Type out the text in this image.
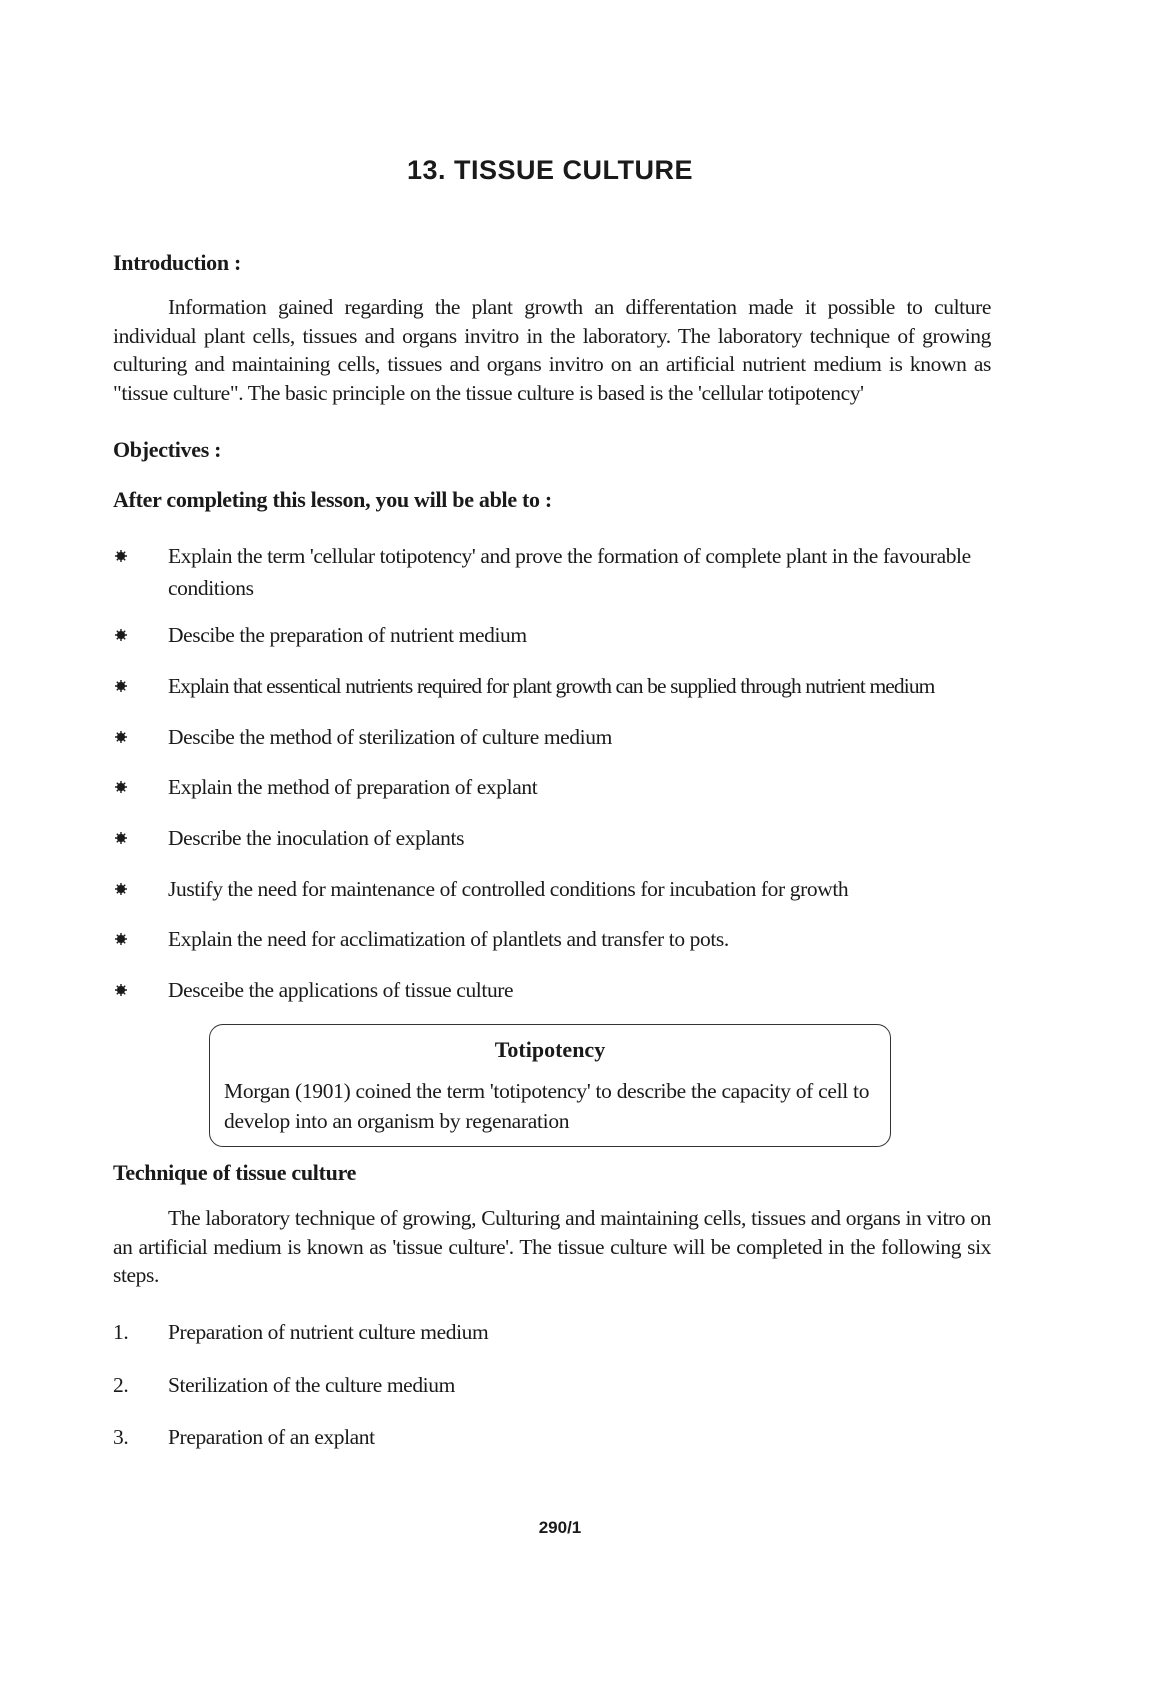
13. TISSUE CULTURE
Introduction :
Information gained regarding the plant growth an differentation made it possible to culture individual plant cells, tissues and organs invitro in the laboratory. The laboratory technique of growing culturing and maintaining cells, tissues and organs invitro on an artificial nutrient medium is known as "tissue culture". The basic principle on the tissue culture is based is the 'cellular totipotency'
Objectives :
After completing this lesson, you will be able to :
Explain the term 'cellular totipotency' and prove the formation of complete plant in the favourable conditions
Descibe the preparation of nutrient medium
Explain that essentical nutrients required for plant growth can be supplied through nutrient medium
Descibe the method of sterilization of culture medium
Explain the method of preparation of explant
Describe the inoculation of explants
Justify the need for maintenance of controlled conditions for incubation for growth
Explain the need for acclimatization of plantlets and transfer to pots.
Desceibe the applications of tissue culture
Totipotency
Morgan (1901) coined the term 'totipotency' to describe the capacity of cell to develop into an organism by regenaration
Technique of tissue culture
The laboratory technique of growing, Culturing and maintaining cells, tissues and organs in vitro on an artificial medium is known as 'tissue culture'. The tissue culture will be completed in the following six steps.
1. Preparation of nutrient culture medium
2. Sterilization of the culture medium
3. Preparation of an explant
290/1
